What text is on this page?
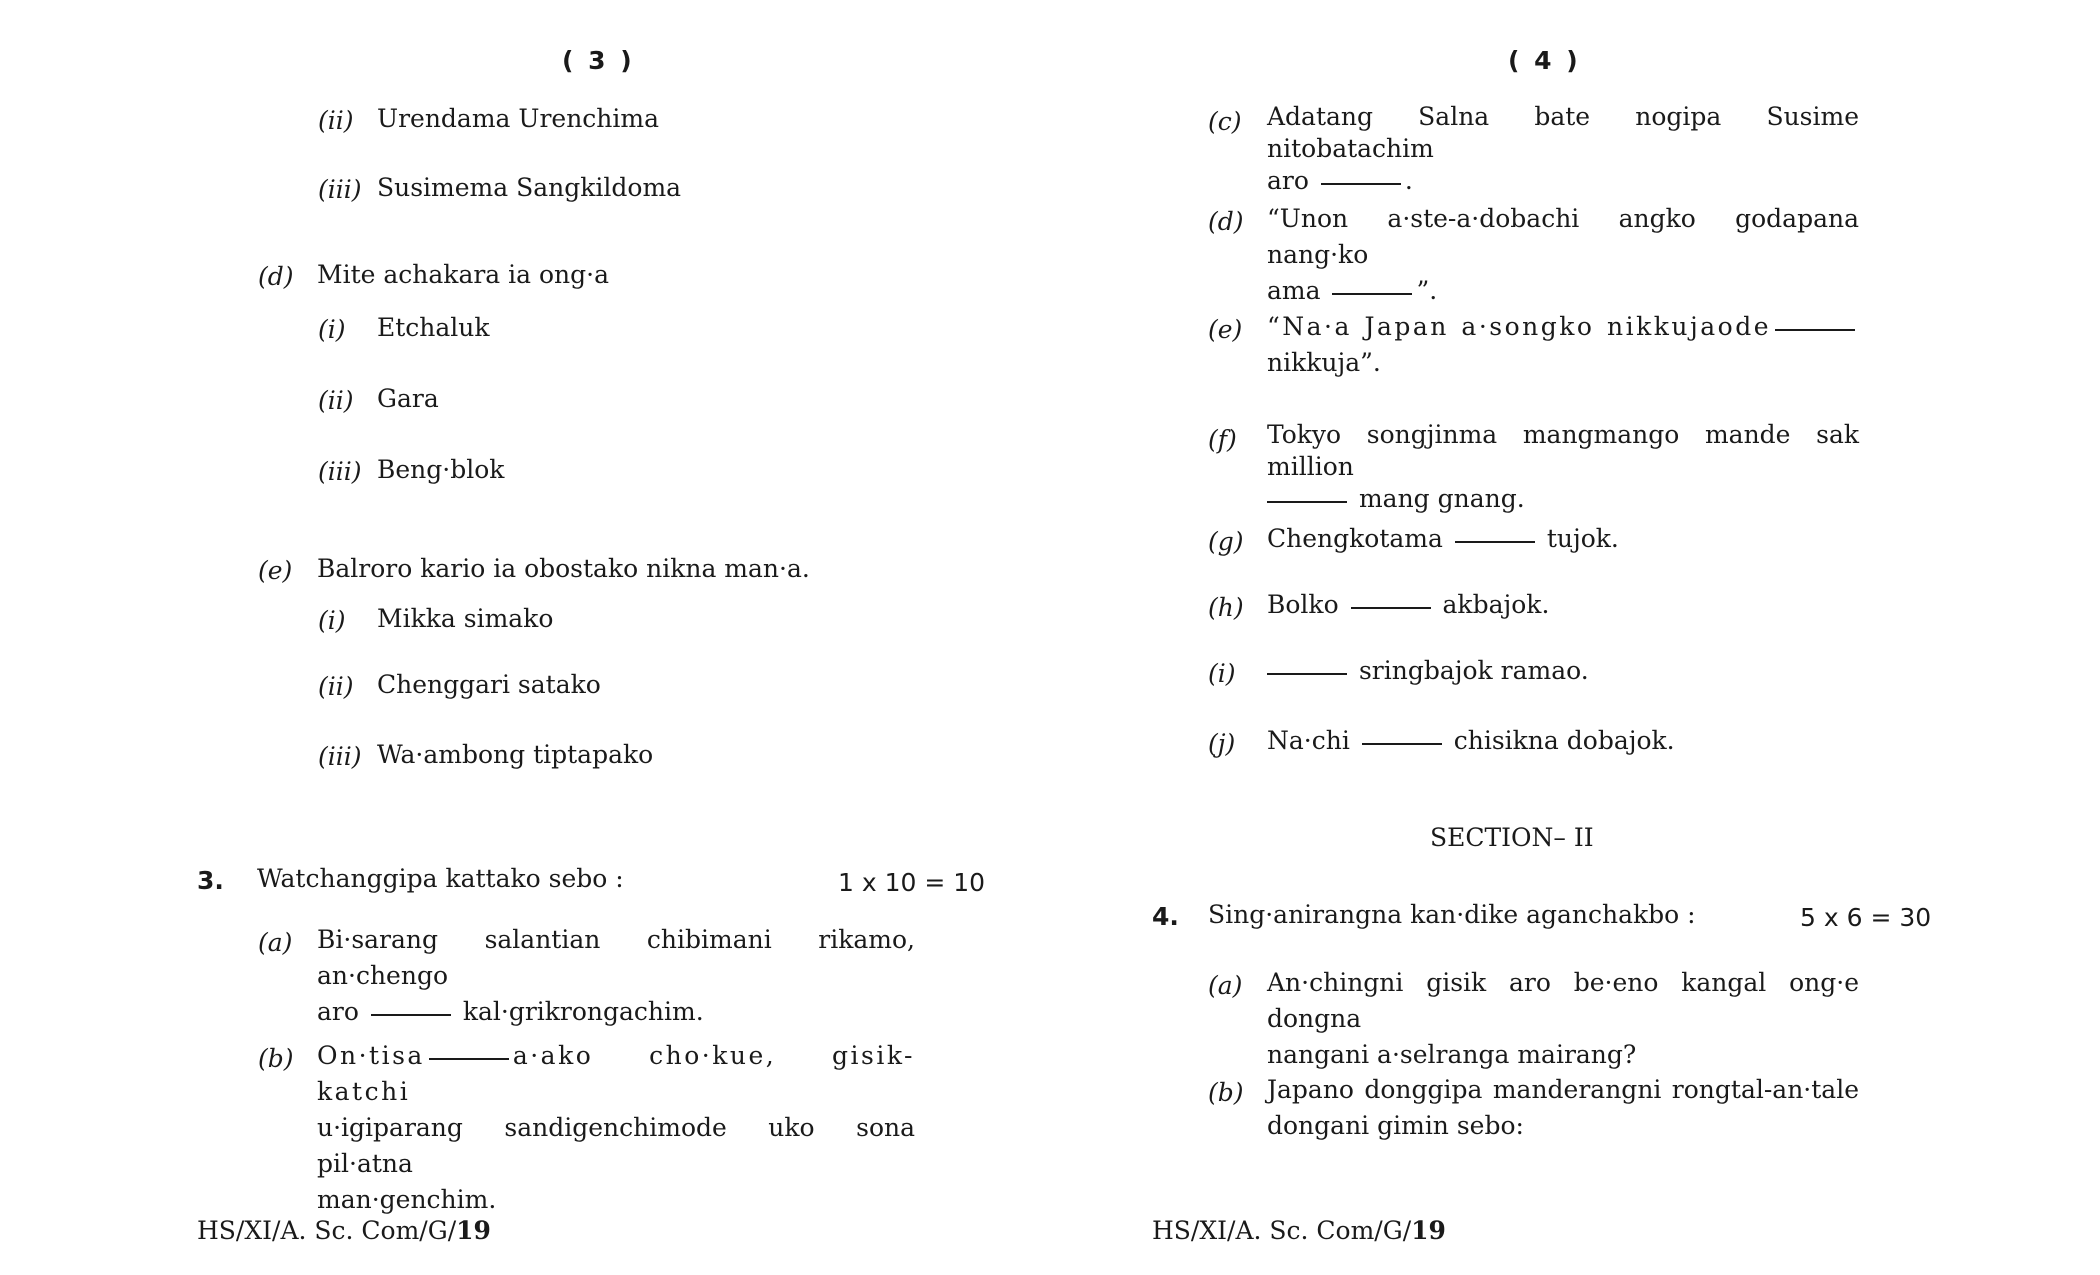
( 3 )
(ii) Urendama Urenchima
(iii) Susimema Sangkildoma
(d) Mite achakara ia ong·a
(i) Etchaluk
(ii) Gara
(iii) Beng·blok
(e) Balroro kario ia obostako nikna man·a.
(i) Mikka simako
(ii) Chenggari satako
(iii) Wa·ambong tiptapako
3. Watchanggipa kattako sebo :	1 x 10 = 10
(a) Bi·sarang salantian chibimani rikamo, an·chengo
aro	kal·grikrongachim.
(b) On·tisa	a·ako cho·kue, gisik-katchi
u·igiparang sandigenchimode uko sona pil·atna
man·genchim.
HS/XI/A. Sc. Com/G/19
( 4 )
(c) Adatang Salna bate nogipa Susime nitobatachim
aro	.
(d) “Unon a·ste-a·dobachi angko godapana nang·ko
ama	”.
(e) “Na·a Japan a·songko nikkujaode
nikkuja”.
(f) Tokyo songjinma mangmango mande sak million
mang gnang.
(g) Chengkotama	tujok.
(h) Bolko	akbajok.
(i)	sringbajok ramao.
(j) Na·chi	chisikna dobajok.
SECTION– II
4. Sing·anirangna kan·dike aganchakbo :	5 x 6 = 30
(a) An·chingni gisik aro be·eno kangal ong·e dongna
nangani a·selranga mairang?
(b) Japano donggipa manderangni rongtal-an·tale
dongani gimin sebo:
HS/XI/A. Sc. Com/G/19
